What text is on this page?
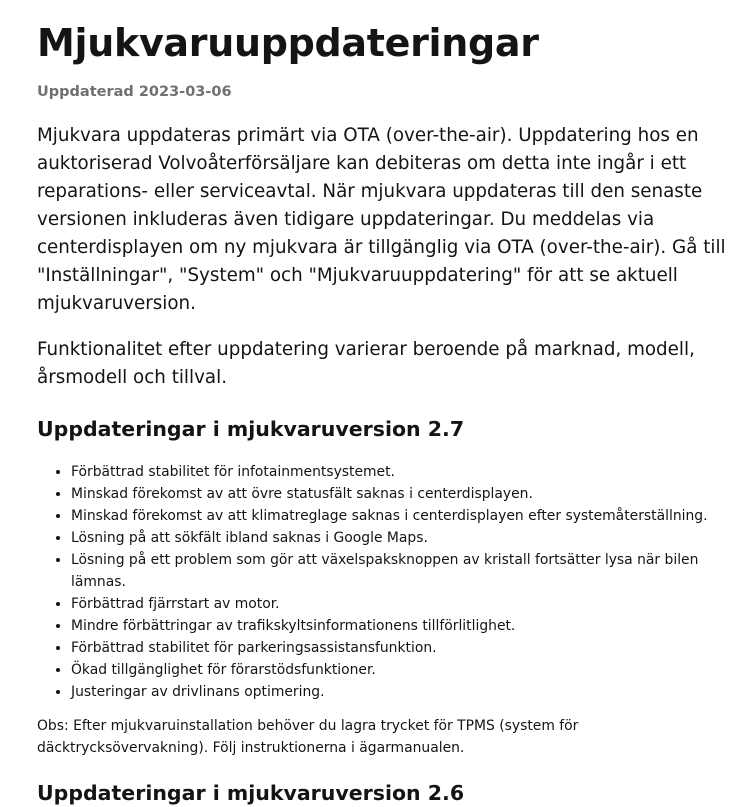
Mjukvaruuppdateringar

Uppdaterad 2023-03-06

Mjukvara uppdateras primärt via OTA (over-the-air). Uppdatering hos en auktoriserad Volvoåterförsäljare kan debiteras om detta inte ingår i ett reparations- eller serviceavtal. När mjukvara uppdateras till den senaste versionen inkluderas även tidigare uppdateringar. Du meddelas via centerdisplayen om ny mjukvara är tillgänglig via OTA (over-the-air). Gå till "Inställningar", "System" och "Mjukvaruuppdatering" för att se aktuell mjukvaruversion.

Funktionalitet efter uppdatering varierar beroende på marknad, modell, årsmodell och tillval.

Uppdateringar i mjukvaruversion 2.7
• Förbättrad stabilitet för infotainmentsystemet.
• Minskad förekomst av att övre statusfält saknas i centerdisplayen.
• Minskad förekomst av att klimatreglage saknas i centerdisplayen efter systemåterställning.
• Lösning på att sökfält ibland saknas i Google Maps.
• Lösning på ett problem som gör att växelspaksknoppen av kristall fortsätter lysa när bilen lämnas.
• Förbättrad fjärrstart av motor.
• Mindre förbättringar av trafikskyltsinformationens tillförlitlighet.
• Förbättrad stabilitet för parkeringsassistansfunktion.
• Ökad tillgänglighet för förarstödsfunktioner.
• Justeringar av drivlinans optimering.

Obs: Efter mjukvaruinstallation behöver du lagra trycket för TPMS (system för däcktrycksövervakning). Följ instruktionerna i ägarmanualen.

Uppdateringar i mjukvaruversion 2.6
